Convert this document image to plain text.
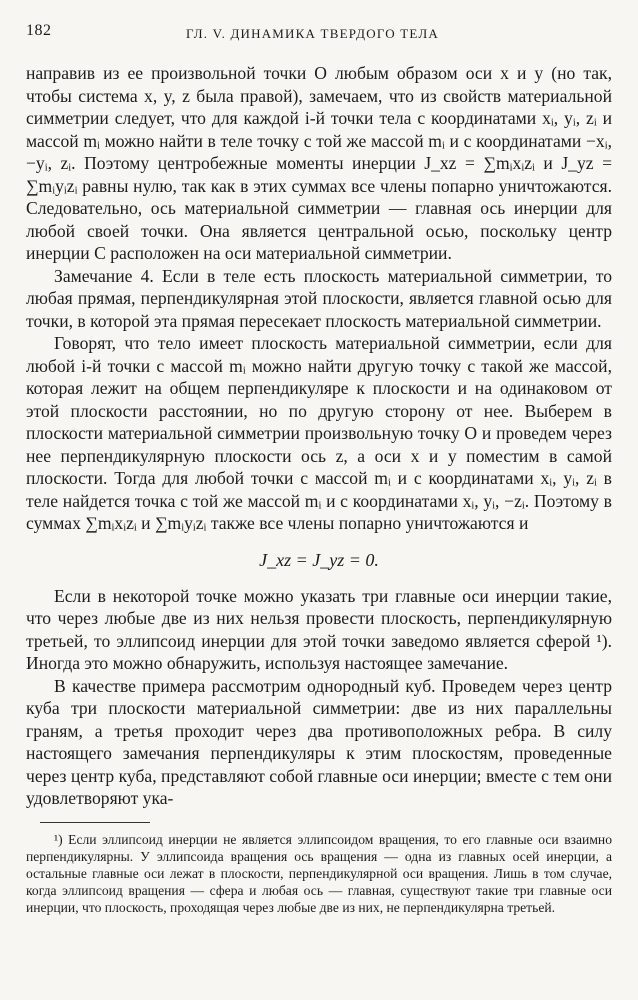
182	ГЛ. V. ДИНАМИКА ТВЕРДОГО ТЕЛА

направив из ее произвольной точки O любым образом оси x и y (но так, чтобы система x, y, z была правой), замечаем, что из свойств материальной симметрии следует, что для каждой i-й точки тела с координатами xᵢ, yᵢ, zᵢ и массой mᵢ можно найти в теле точку с той же массой mᵢ и с координатами −xᵢ, −yᵢ, zᵢ. Поэтому центробежные моменты инерции J_xz = ∑mᵢxᵢzᵢ и J_yz = ∑mᵢyᵢzᵢ равны нулю, так как в этих суммах все члены попарно уничтожаются. Следовательно, ось материальной симметрии — главная ось инерции для любой своей точки. Она является центральной осью, поскольку центр инерции C расположен на оси материальной симметрии.

Замечание 4. Если в теле есть плоскость материальной симметрии, то любая прямая, перпендикулярная этой плоскости, является главной осью для точки, в которой эта прямая пересекает плоскость материальной симметрии.

Говорят, что тело имеет плоскость материальной симметрии, если для любой i-й точки с массой mᵢ можно найти другую точку с такой же массой, которая лежит на общем перпендикуляре к плоскости и на одинаковом от этой плоскости расстоянии, но по другую сторону от нее. Выберем в плоскости материальной симметрии произвольную точку O и проведем через нее перпендикулярную плоскости ось z, а оси x и y поместим в самой плоскости. Тогда для любой точки с массой mᵢ и с координатами xᵢ, yᵢ, zᵢ в теле найдется точка с той же массой mᵢ и с координатами xᵢ, yᵢ, −zᵢ. Поэтому в суммах ∑mᵢxᵢzᵢ и ∑mᵢyᵢzᵢ также все члены попарно уничтожаются и

J_xz = J_yz = 0.

Если в некоторой точке можно указать три главные оси инерции такие, что через любые две из них нельзя провести плоскость, перпендикулярную третьей, то эллипсоид инерции для этой точки заведомо является сферой ¹). Иногда это можно обнаружить, используя настоящее замечание.

В качестве примера рассмотрим однородный куб. Проведем через центр куба три плоскости материальной симметрии: две из них параллельны граням, а третья проходит через два противоположных ребра. В силу настоящего замечания перпендикуляры к этим плоскостям, проведенные через центр куба, представляют собой главные оси инерции; вместе с тем они удовлетворяют ука-

¹) Если эллипсоид инерции не является эллипсоидом вращения, то его главные оси взаимно перпендикулярны. У эллипсоида вращения ось вращения — одна из главных осей инерции, а остальные главные оси лежат в плоскости, перпендикулярной оси вращения. Лишь в том случае, когда эллипсоид вращения — сфера и любая ось — главная, существуют такие три главные оси инерции, что плоскость, проходящая через любые две из них, не перпендикулярна третьей.
